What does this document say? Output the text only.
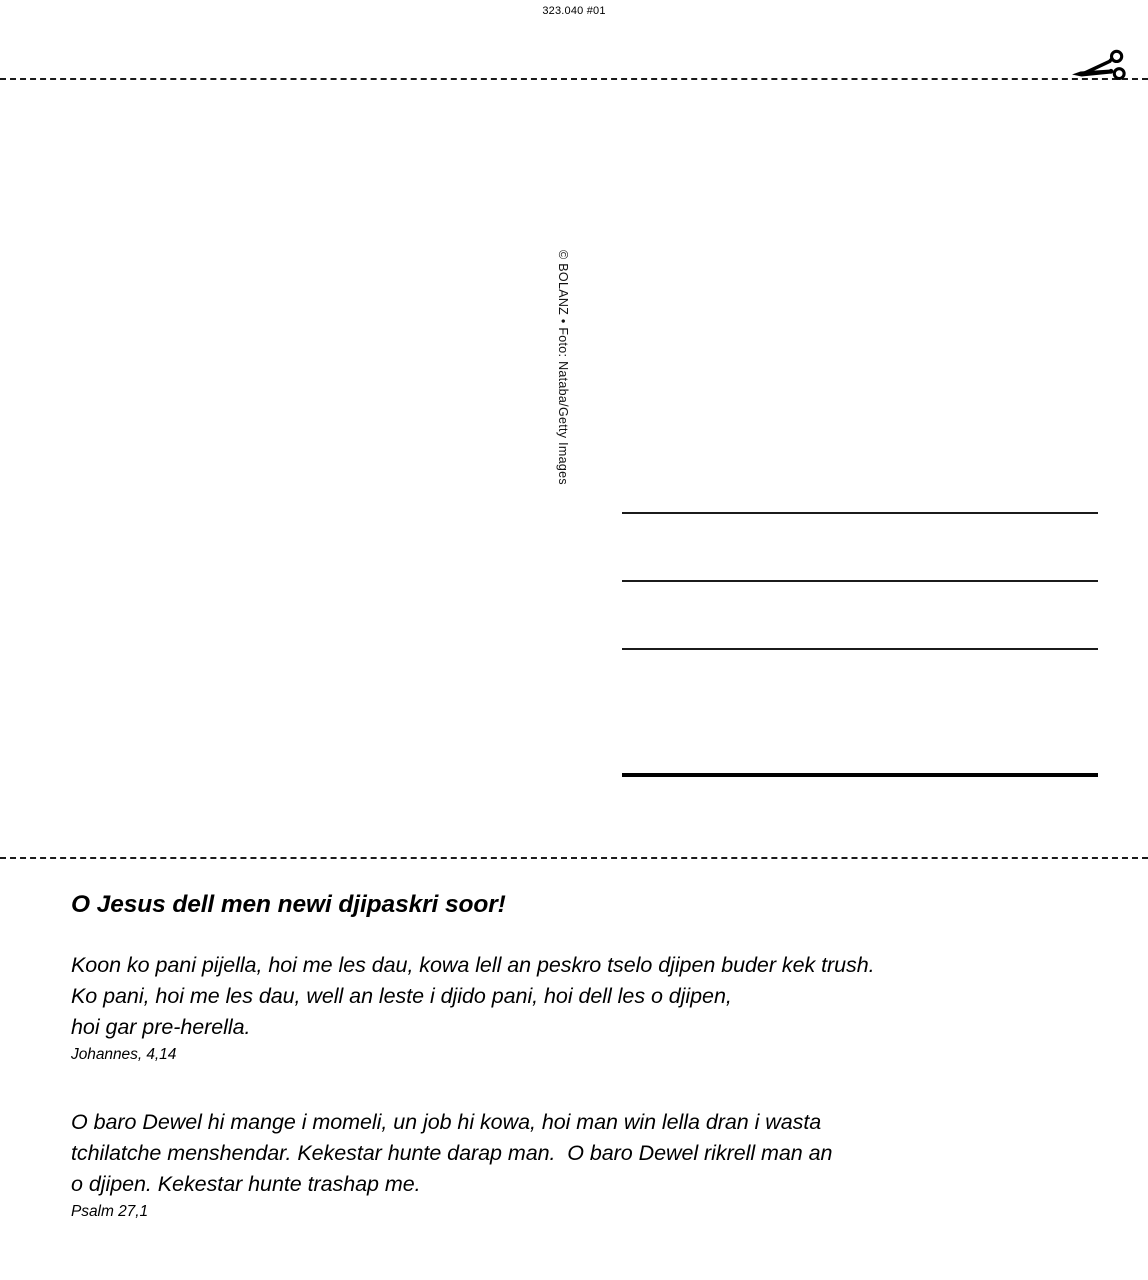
323.040 #01
© BOLANZ • Foto: Nataba/Getty Images
O Jesus dell men newi djipaskri soor!
Koon ko pani pijella, hoi me les dau, kowa lell an peskro tselo djipen buder kek trush.
Ko pani, hoi me les dau, well an leste i djido pani, hoi dell les o djipen,
hoi gar pre-herella.
Johannes, 4,14
O baro Dewel hi mange i momeli, un job hi kowa, hoi man win lella dran i wasta
tchilatche menshendar. Kekestar hunte darap man.  O baro Dewel rikrell man an
o djipen. Kekestar hunte trashap me.
Psalm 27,1
